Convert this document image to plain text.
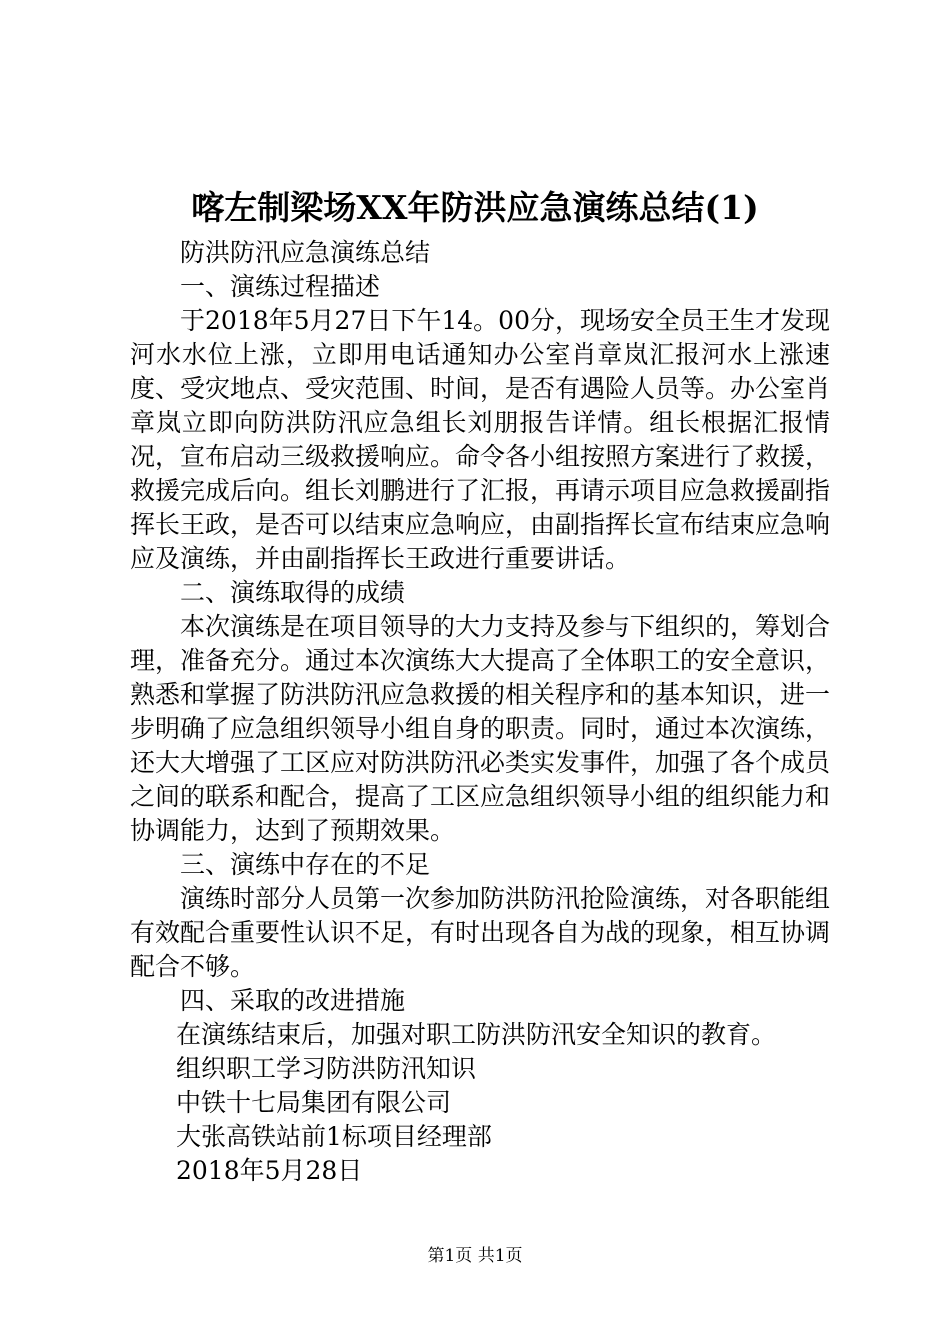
喀左制梁场XX年防洪应急演练总结(1)

防洪防汛应急演练总结

一、演练过程描述

于2018年5月27日下午14。00分，现场安全员王生才发现河水水位上涨，立即用电话通知办公室肖章岚汇报河水上涨速度、受灾地点、受灾范围、时间，是否有遇险人员等。办公室肖章岚立即向防洪防汛应急组长刘朋报告详情。组长根据汇报情况，宣布启动三级救援响应。命令各小组按照方案进行了救援，救援完成后向。组长刘鹏进行了汇报，再请示项目应急救援副指挥长王政，是否可以结束应急响应，由副指挥长宣布结束应急响应及演练，并由副指挥长王政进行重要讲话。

二、演练取得的成绩

本次演练是在项目领导的大力支持及参与下组织的，筹划合理，准备充分。通过本次演练大大提高了全体职工的安全意识，熟悉和掌握了防洪防汛应急救援的相关程序和的基本知识，进一步明确了应急组织领导小组自身的职责。同时，通过本次演练，还大大增强了工区应对防洪防汛必类实发事件，加强了各个成员之间的联系和配合，提高了工区应急组织领导小组的组织能力和协调能力，达到了预期效果。

三、演练中存在的不足

演练时部分人员第一次参加防洪防汛抢险演练，对各职能组有效配合重要性认识不足，有时出现各自为战的现象，相互协调配合不够。

四、采取的改进措施

在演练结束后，加强对职工防洪防汛安全知识的教育。

组织职工学习防洪防汛知识

中铁十七局集团有限公司

大张高铁站前1标项目经理部

2018年5月28日

第1页 共1页
